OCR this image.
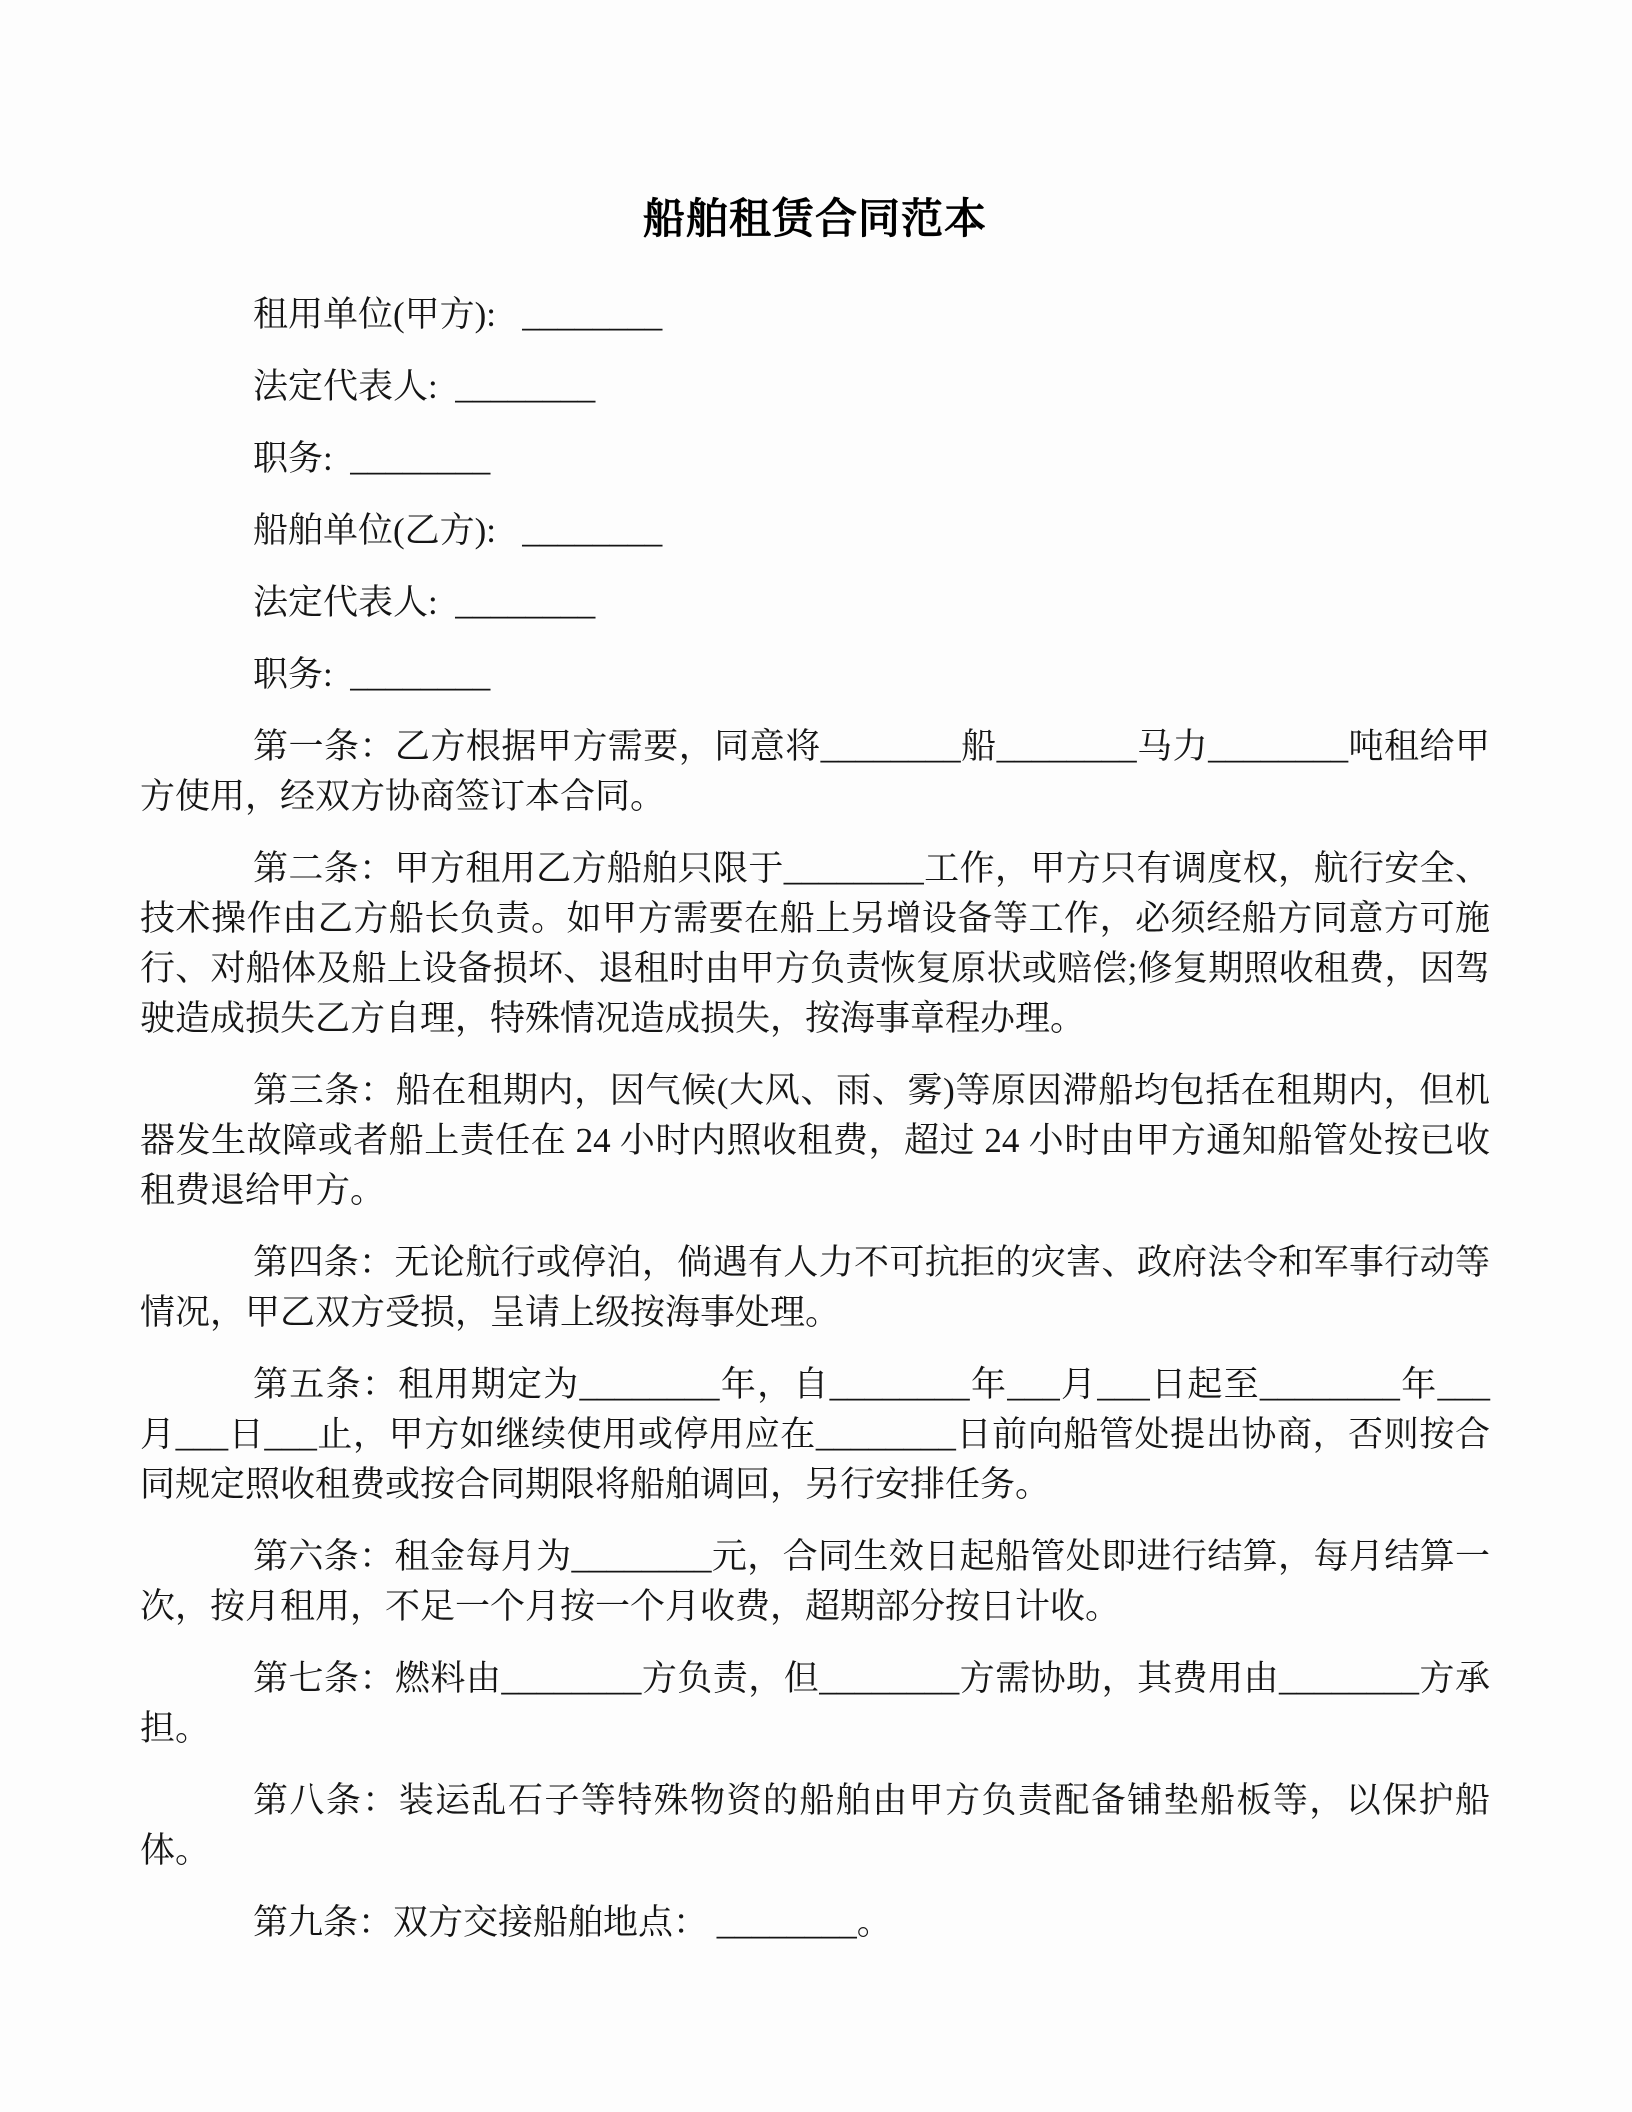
船舶租赁合同范本

租用单位(甲方):   ________

法定代表人:  ________

职务:  ________

船舶单位(乙方):   ________

法定代表人:  ________

职务:  ________

第一条：乙方根据甲方需要，同意将________船________马力________吨租给甲方使用，经双方协商签订本合同。

第二条：甲方租用乙方船舶只限于________工作，甲方只有调度权，航行安全、技术操作由乙方船长负责。如甲方需要在船上另增设备等工作，必须经船方同意方可施行、对船体及船上设备损坏、退租时由甲方负责恢复原状或赔偿;修复期照收租费，因驾驶造成损失乙方自理，特殊情况造成损失，按海事章程办理。

第三条：船在租期内，因气候(大风、雨、雾)等原因滞船均包括在租期内，但机器发生故障或者船上责任在 24 小时内照收租费，超过 24 小时由甲方通知船管处按已收租费退给甲方。

第四条：无论航行或停泊，倘遇有人力不可抗拒的灾害、政府法令和军事行动等情况，甲乙双方受损，呈请上级按海事处理。

第五条：租用期定为________年，自________年___月___日起至________年___月___日___止，甲方如继续使用或停用应在________日前向船管处提出协商，否则按合同规定照收租费或按合同期限将船舶调回，另行安排任务。

第六条：租金每月为________元，合同生效日起船管处即进行结算，每月结算一次，按月租用，不足一个月按一个月收费，超期部分按日计收。

第七条：燃料由________方负责，但________方需协助，其费用由________方承担。

第八条：装运乱石子等特殊物资的船舶由甲方负责配备铺垫船板等，以保护船体。

第九条：双方交接船舶地点： ________。
